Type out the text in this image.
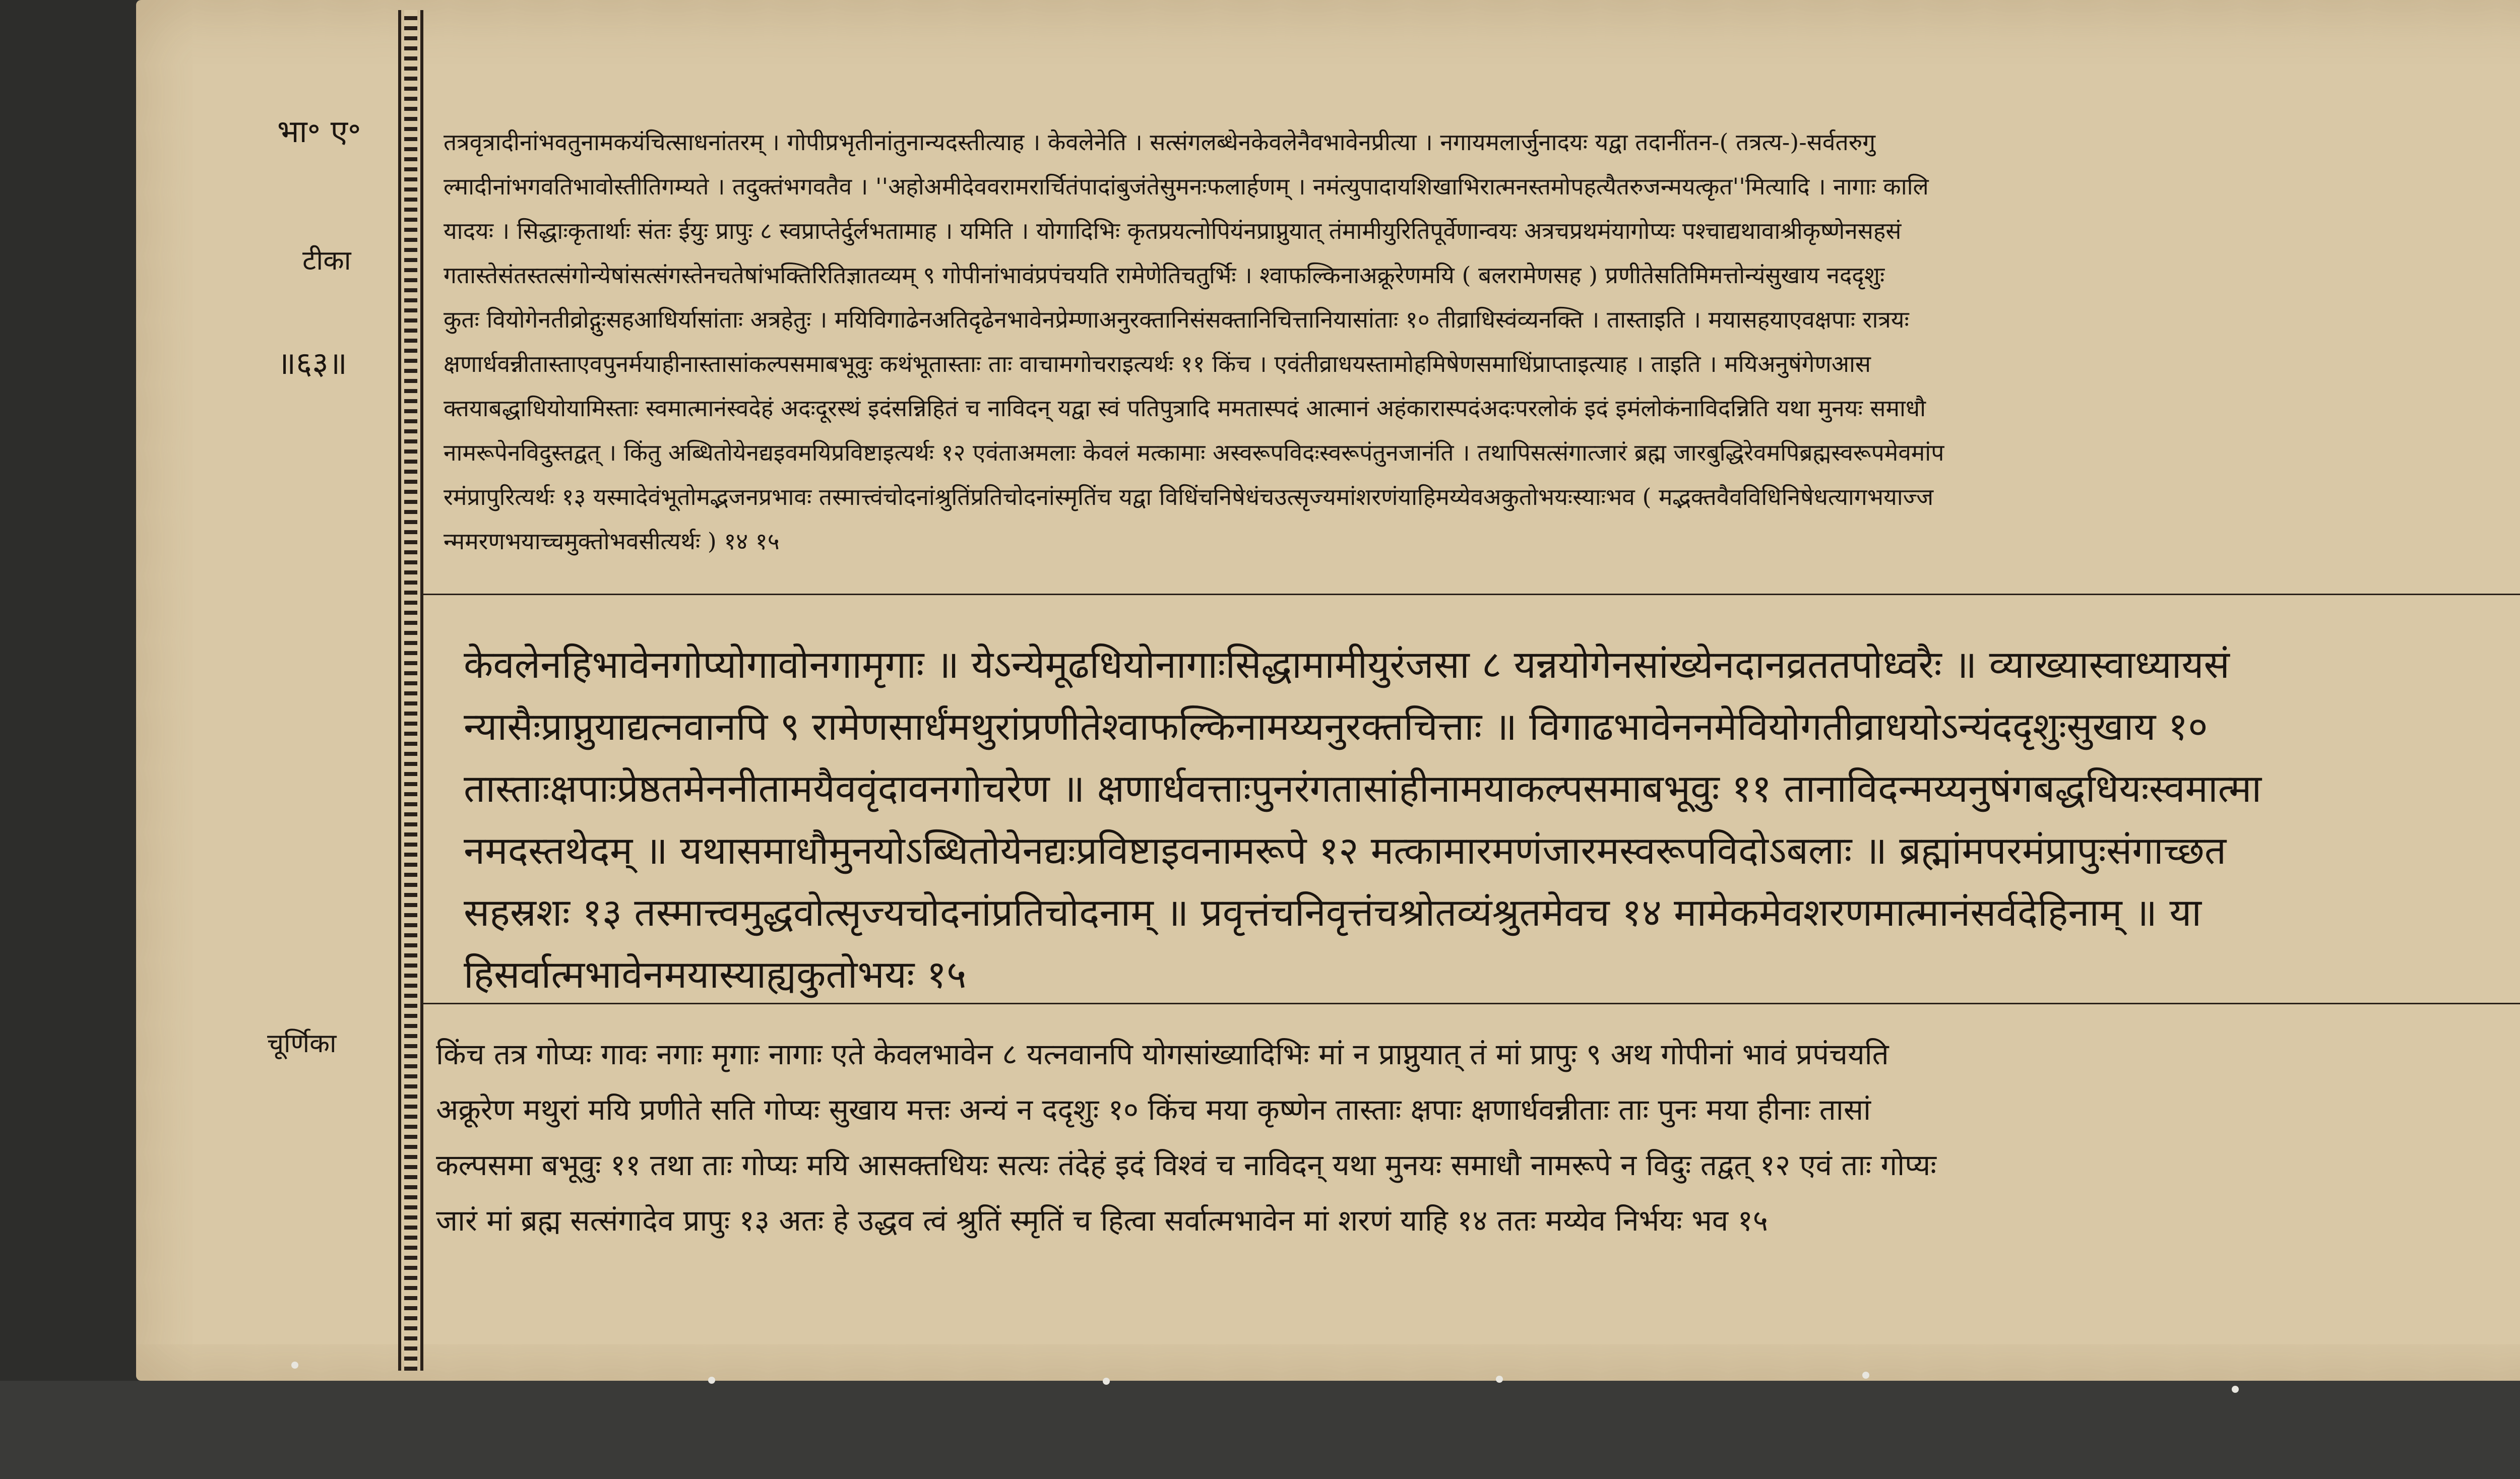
भा॰ ए॰
टीका
॥६३॥
चूर्णिका
तत्रवृत्रादीनांभवतुनामकयंचित्साधनांतरम् । गोपीप्रभृतीनांतुनान्यदस्तीत्याह । केवलेनेति । सत्संगलब्धेनकेवलेनैवभावेनप्रीत्या । नगायमलार्जुनादयः यद्वा तदानींतन-( तत्रत्य-)-सर्वतरुगु
ल्मादीनांभगवतिभावोस्तीतिगम्यते । तदुक्तंभगवतैव । ''अहोअमीदेववरामरार्चितंपादांबुजंतेसुमनःफलार्हणम् । नमंत्युपादायशिखाभिरात्मनस्तमोपहत्यैतरुजन्मयत्कृत''मित्यादि । नागाः कालि
यादयः । सिद्धाःकृतार्थाः संतः ईयुः प्रापुः ८ स्वप्राप्तेर्दुर्लभतामाह । यमिति । योगादिभिः कृतप्रयत्नोपियंनप्राप्नुयात् तंमामीयुरितिपूर्वेणान्वयः अत्रचप्रथमंयागोप्यः पश्चाद्यथावाश्रीकृष्णेनसहसं
गतास्तेसंतस्तत्संगोन्येषांसत्संगस्तेनचतेषांभक्तिरितिज्ञातव्यम् ९ गोपीनांभावंप्रपंचयति रामेणेतिचतुर्भिः । श्वाफल्किनाअक्रूरेणमयि ( बलरामेणसह ) प्रणीतेसतिमिमत्तोन्यंसुखाय नददृशुः
कुतः वियोगेनतीव्रोद्गुःसहआधिर्यासांताः अत्रहेतुः । मयिविगाढेनअतिदृढेनभावेनप्रेम्णाअनुरक्तानिसंसक्तानिचित्तानियासांताः १० तीव्राधिस्वंव्यनक्ति । तास्ताइति । मयासहयाएवक्षपाः रात्रयः
क्षणार्धवन्नीतास्ताएवपुनर्मयाहीनास्तासांकल्पसमाबभूवुः कथंभूतास्ताः ताः वाचामगोचराइत्यर्थः ११ किंच । एवंतीव्राधयस्तामोहमिषेणसमाधिंप्राप्ताइत्याह । ताइति । मयिअनुषंगेणआस
क्तयाबद्धाधियोयामिस्ताः स्वमात्मानंस्वदेहं अदःदूरस्थं इदंसन्निहितं च नाविदन् यद्वा स्वं पतिपुत्रादि ममतास्पदं आत्मानं अहंकारास्पदंअदःपरलोकं इदं इमंलोकंनाविदन्निति यथा मुनयः समाधौ
नामरूपेनविदुस्तद्वत् । किंतु अब्धितोयेनद्यइवमयिप्रविष्टाइत्यर्थः १२ एवंताअमलाः केवलं मत्कामाः अस्वरूपविदःस्वरूपंतुनजानंति । तथापिसत्संगात्जारं ब्रह्म जारबुद्धिरेवमपिब्रह्मस्वरूपमेवमांप
रमंप्रापुरित्यर्थः १३ यस्मादेवंभूतोमद्भजनप्रभावः तस्मात्त्वंचोदनांश्रुतिंप्रतिचोदनांस्मृतिंच यद्वा विधिंचनिषेधंचउत्सृज्यमांशरणंयाहिमय्येवअकुतोभयःस्याःभव ( मद्भक्तवैवविधिनिषेधत्यागभयाज्ज
न्ममरणभयाच्चमुक्तोभवसीत्यर्थः ) १४ १५
केवलेनहिभावेनगोप्योगावोनगामृगाः ॥ येऽन्येमूढधियोनागाःसिद्धामामीयुरंजसा ८ यन्नयोगेनसांख्येनदानव्रततपोध्वरैः ॥ व्याख्यास्वाध्यायसं
न्यासैःप्राप्नुयाद्यत्नवानपि ९ रामेणसार्धंमथुरांप्रणीतेश्वाफल्किनामय्यनुरक्तचित्ताः ॥ विगाढभावेननमेवियोगतीव्राधयोऽन्यंददृशुःसुखाय १०
तास्ताःक्षपाःप्रेष्ठतमेननीतामयैववृंदावनगोचरेण ॥ क्षणार्धवत्ताःपुनरंगतासांहीनामयाकल्पसमाबभूवुः ११ तानाविदन्मय्यनुषंगबद्धधियःस्वमात्मा
नमदस्तथेदम् ॥ यथासमाधौमुनयोऽब्धितोयेनद्यःप्रविष्टाइवनामरूपे १२ मत्कामारमणंजारमस्वरूपविदोऽबलाः ॥ ब्रह्मांमपरमंप्रापुःसंगाच्छत
सहस्रशः १३ तस्मात्त्वमुद्धवोत्सृज्यचोदनांप्रतिचोदनाम् ॥ प्रवृत्तंचनिवृत्तंचश्रोतव्यंश्रुतमेवच १४ मामेकमेवशरणमात्मानंसर्वदेहिनाम् ॥ या
हिसर्वात्मभावेनमयास्याह्यकुतोभयः १५
किंच तत्र गोप्यः गावः नगाः मृगाः नागाः एते केवलभावेन ८ यत्नवानपि योगसांख्यादिभिः मां न प्राप्नुयात् तं मां प्रापुः ९ अथ गोपीनां भावं प्रपंचयति
अक्रूरेण मथुरां मयि प्रणीते सति गोप्यः सुखाय मत्तः अन्यं न ददृशुः १० किंच मया कृष्णेन तास्ताः क्षपाः क्षणार्धवन्नीताः ताः पुनः मया हीनाः तासां
कल्पसमा बभूवुः ११ तथा ताः गोप्यः मयि आसक्तधियः सत्यः तंदेहं इदं विश्वं च नाविदन् यथा मुनयः समाधौ नामरूपे न विदुः तद्वत् १२ एवं ताः गोप्यः
जारं मां ब्रह्म सत्संगादेव प्रापुः १३ अतः हे उद्धव त्वं श्रुतिं स्मृतिं च हित्वा सर्वात्मभावेन मां शरणं याहि १४ ततः मय्येव निर्भयः भव १५
